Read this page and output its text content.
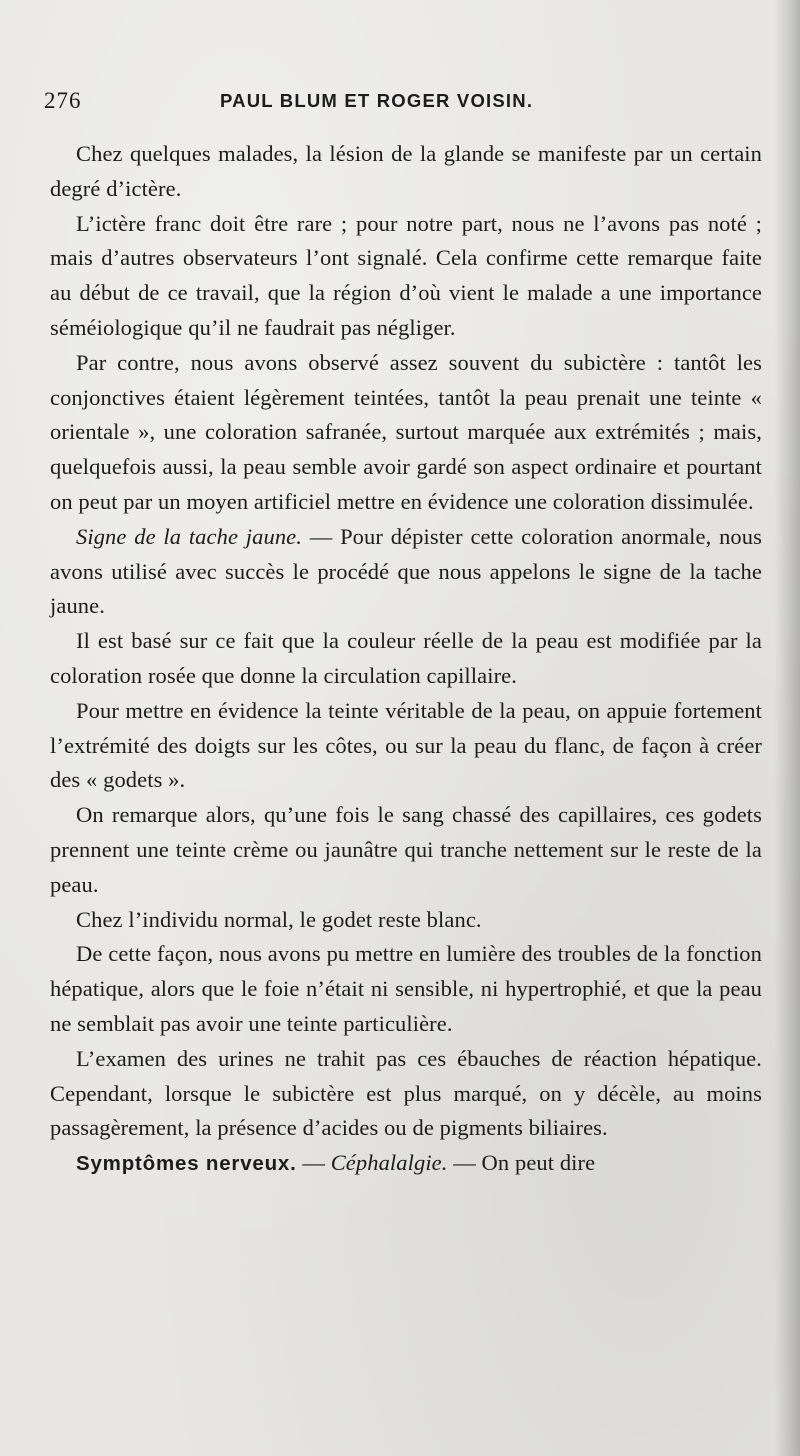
276	PAUL BLUM ET ROGER VOISIN.

Chez quelques malades, la lésion de la glande se manifeste par un certain degré d’ictère.

L’ictère franc doit être rare ; pour notre part, nous ne l’avons pas noté ; mais d’autres observateurs l’ont signalé. Cela confirme cette remarque faite au début de ce travail, que la région d’où vient le malade a une importance séméiologique qu’il ne faudrait pas négliger.

Par contre, nous avons observé assez souvent du subictère : tantôt les conjonctives étaient légèrement teintées, tantôt la peau prenait une teinte « orientale », une coloration safranée, surtout marquée aux extrémités ; mais, quelquefois aussi, la peau semble avoir gardé son aspect ordinaire et pourtant on peut par un moyen artificiel mettre en évidence une coloration dissimulée.

Signe de la tache jaune. — Pour dépister cette coloration anormale, nous avons utilisé avec succès le procédé que nous appelons le signe de la tache jaune.

Il est basé sur ce fait que la couleur réelle de la peau est modifiée par la coloration rosée que donne la circulation capillaire.

Pour mettre en évidence la teinte véritable de la peau, on appuie fortement l’extrémité des doigts sur les côtes, ou sur la peau du flanc, de façon à créer des « godets ».

On remarque alors, qu’une fois le sang chassé des capillaires, ces godets prennent une teinte crème ou jaunâtre qui tranche nettement sur le reste de la peau.

Chez l’individu normal, le godet reste blanc.

De cette façon, nous avons pu mettre en lumière des troubles de la fonction hépatique, alors que le foie n’était ni sensible, ni hypertrophié, et que la peau ne semblait pas avoir une teinte particulière.

L’examen des urines ne trahit pas ces ébauches de réaction hépatique. Cependant, lorsque le subictère est plus marqué, on y décèle, au moins passagèrement, la présence d’acides ou de pigments biliaires.

Symptômes nerveux. — Céphalalgie. — On peut dire
